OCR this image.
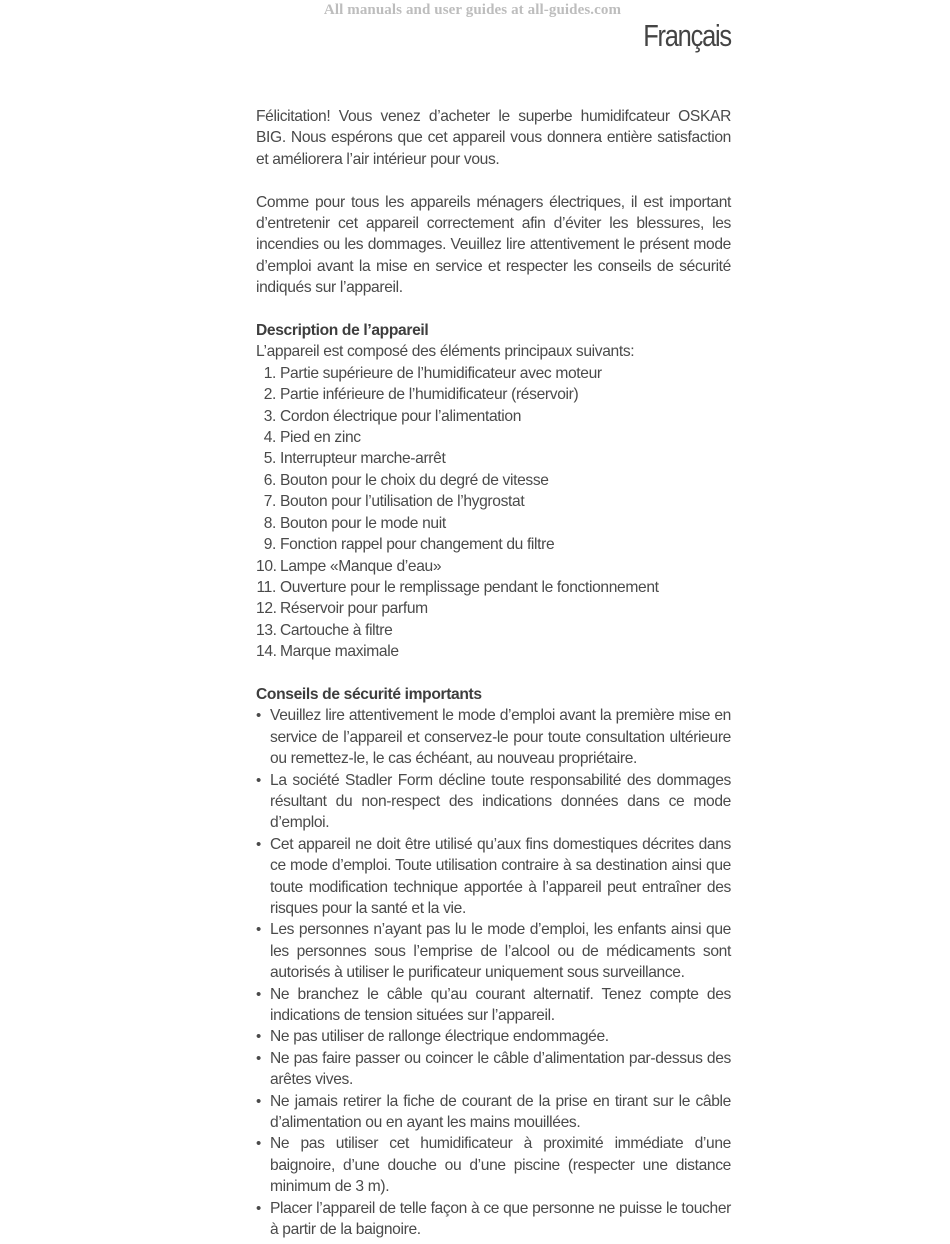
All manuals and user guides at all-guides.com
Français

Félicitation! Vous venez d’acheter le superbe humidifcateur OSKAR BIG. Nous espérons que cet appareil vous donnera entière satisfaction et améliorera l’air intérieur pour vous.

Comme pour tous les appareils ménagers électriques, il est important d’entretenir cet appareil correctement afin d’éviter les blessures, les incendies ou les dommages. Veuillez lire attentivement le présent mode d’emploi avant la mise en service et respecter les conseils de sécurité indiqués sur l’appareil.

Description de l’appareil

L’appareil est composé des éléments principaux suivants:

1. Partie supérieure de l’humidificateur avec moteur
2. Partie inférieure de l’humidificateur (réservoir)
3. Cordon électrique pour l’alimentation
4. Pied en zinc
5. Interrupteur marche-arrêt
6. Bouton pour le choix du degré de vitesse
7. Bouton pour l’utilisation de l’hygrostat
8. Bouton pour le mode nuit
9. Fonction rappel pour changement du filtre
10. Lampe «Manque d’eau»
11. Ouverture pour le remplissage pendant le fonctionnement
12. Réservoir pour parfum
13. Cartouche à filtre
14. Marque maximale
Conseils de sécurité importants
• Veuillez lire attentivement le mode d’emploi avant la première mise en service de l’appareil et conservez-le pour toute consultation ultérieure ou remettez-le, le cas échéant, au nouveau propriétaire.
• La société Stadler Form décline toute responsabilité des dommages résultant du non-respect des indications données dans ce mode d’emploi.
• Cet appareil ne doit être utilisé qu’aux fins domestiques décrites dans ce mode d’emploi. Toute utilisation contraire à sa destination ainsi que toute modification technique apportée à l’appareil peut entraîner des risques pour la santé et la vie.
• Les personnes n’ayant pas lu le mode d’emploi, les enfants ainsi que les personnes sous l’emprise de l’alcool ou de médicaments sont autorisés à utiliser le purificateur uniquement sous surveillance.
• Ne branchez le câble qu’au courant alternatif. Tenez compte des indications de tension situées sur l’appareil.
• Ne pas utiliser de rallonge électrique endommagée.
• Ne pas faire passer ou coincer le câble d’alimentation par-dessus des arêtes vives.
• Ne jamais retirer la fiche de courant de la prise en tirant sur le câble d’alimentation ou en ayant les mains mouillées.
• Ne pas utiliser cet humidificateur à proximité immédiate d’une baignoire, d’une douche ou d’une piscine (respecter une distance minimum de 3 m).
• Placer l’appareil de telle façon à ce que personne ne puisse le toucher à partir de la baignoire.
